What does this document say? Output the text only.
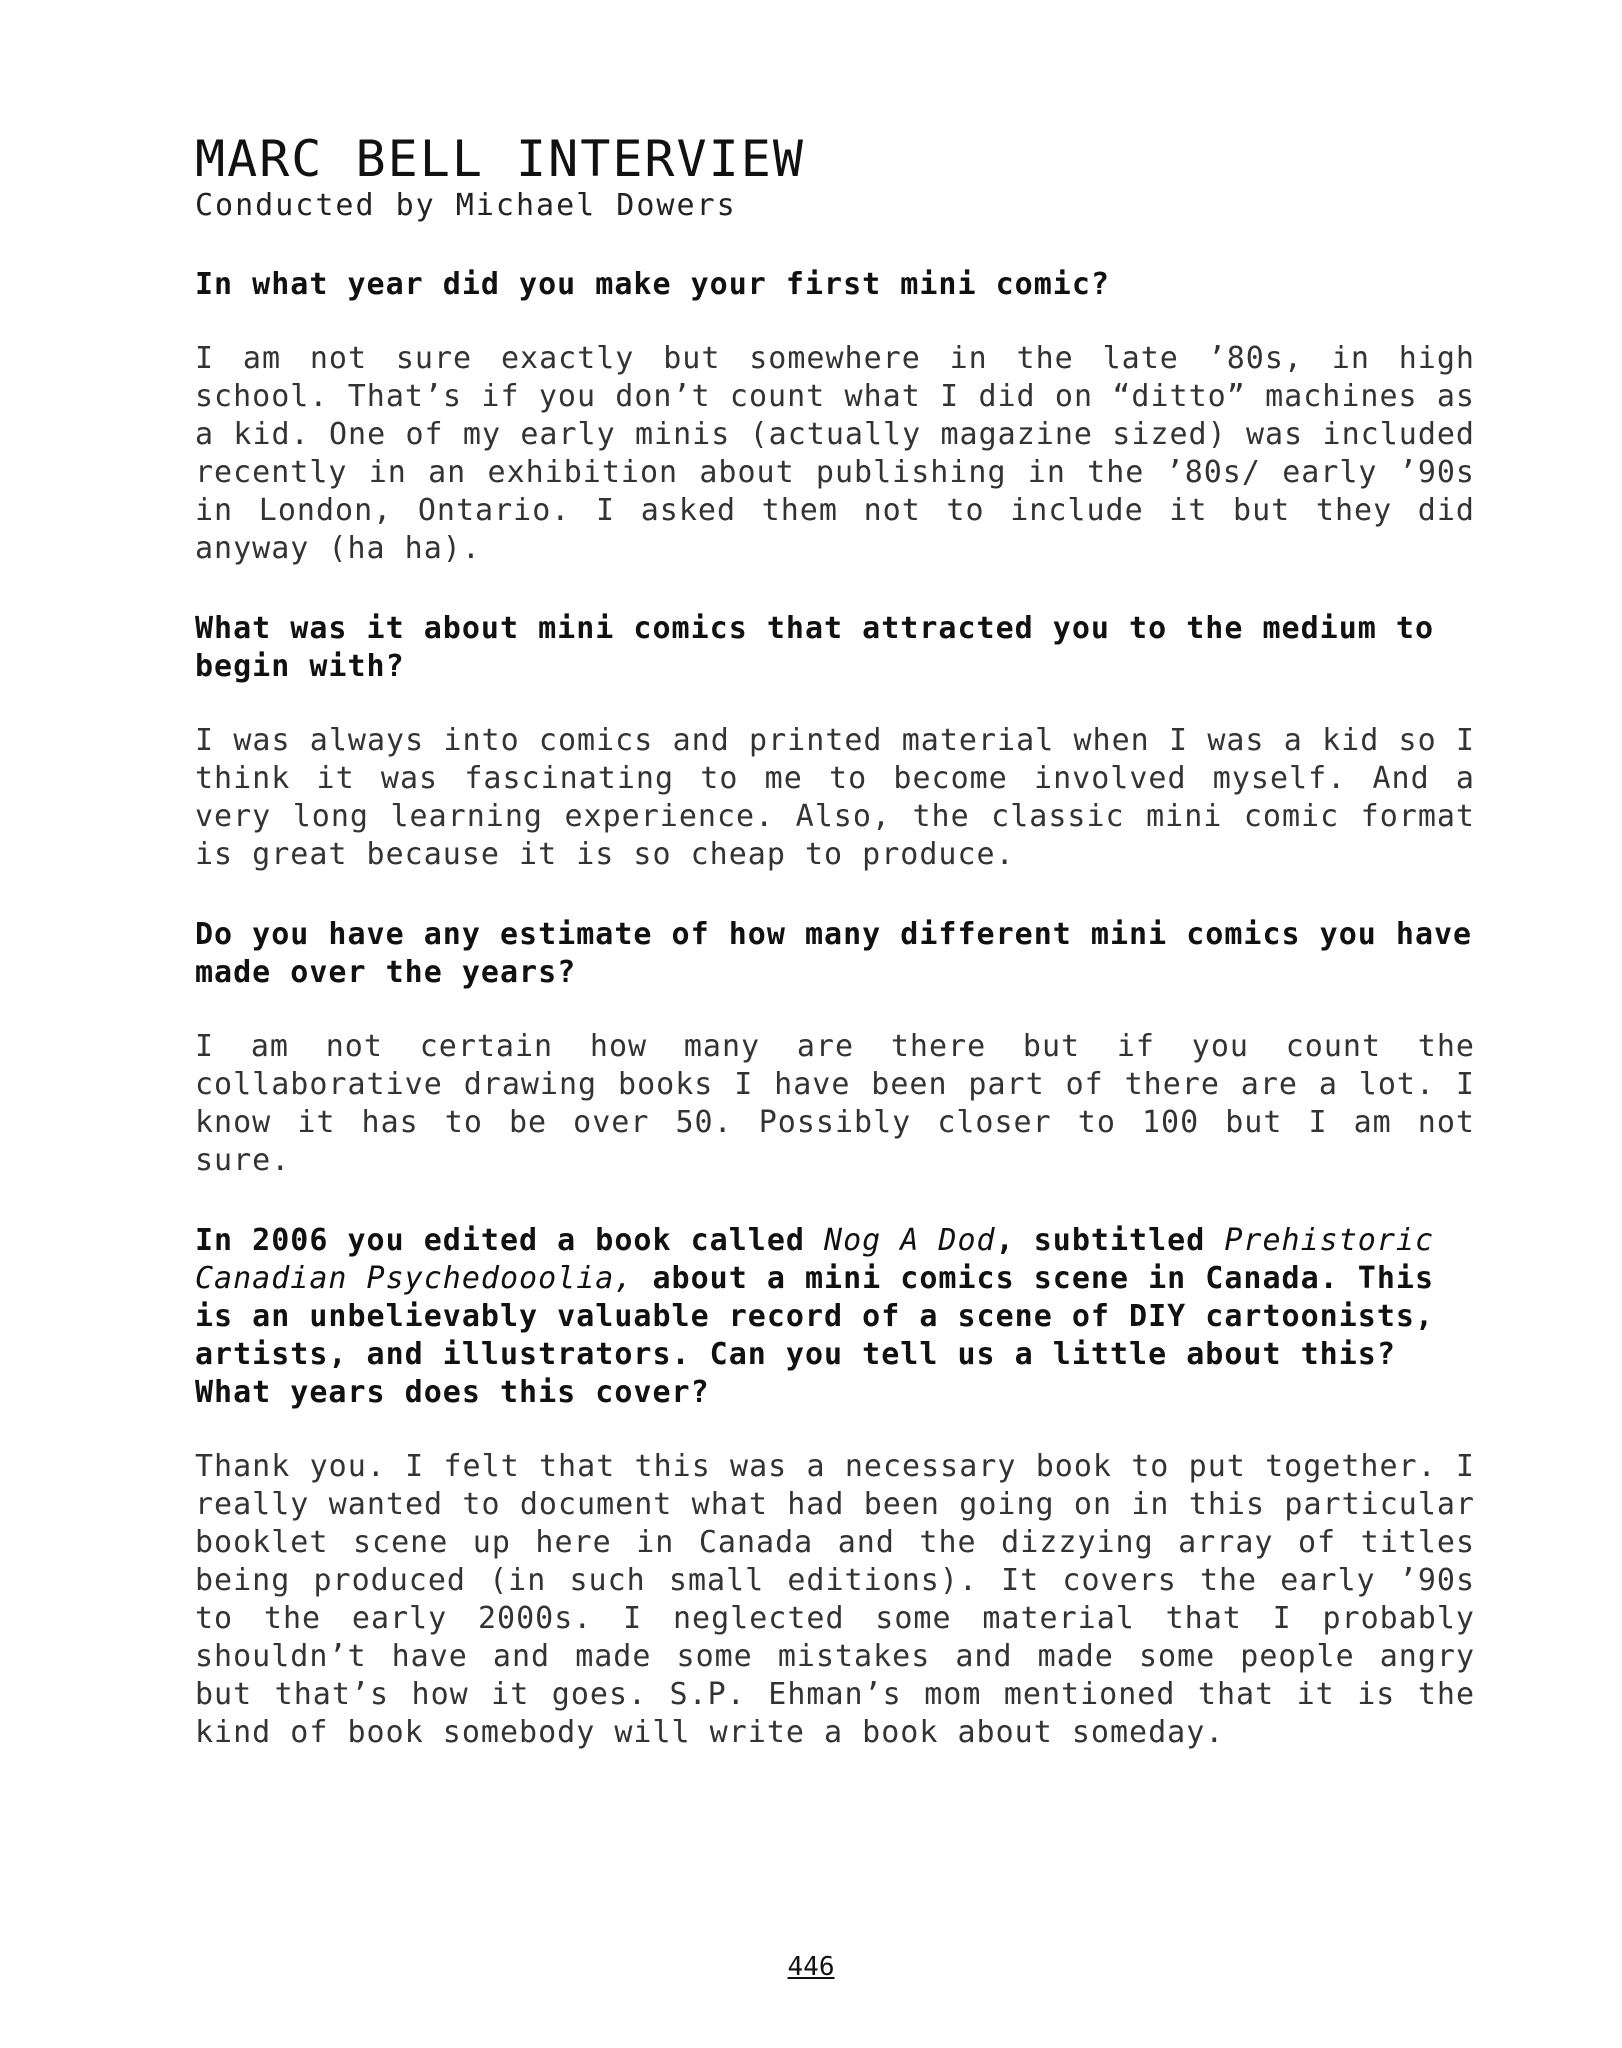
MARC BELL INTERVIEW

Conducted by Michael Dowers

In what year did you make your first mini comic?

I am not sure exactly but somewhere in the late ’80s, in high school. That’s if you don’t count what I did on “ditto” machines as a kid. One of my early minis (actually magazine sized) was included recently in an exhibition about publishing in the ’80s/ early ’90s in London, Ontario. I asked them not to include it but they did anyway (ha ha).

What was it about mini comics that attracted you to the medium to begin with?

I was always into comics and printed material when I was a kid so I think it was fascinating to me to become involved myself. And a very long learning experience. Also, the classic mini comic format is great because it is so cheap to produce.

Do you have any estimate of how many different mini comics you have made over the years?

I am not certain how many are there but if you count the collaborative drawing books I have been part of there are a lot. I know it has to be over 50. Possibly closer to 100 but I am not sure.

In 2006 you edited a book called Nog A Dod, subtitled Prehistoric Canadian Psychedooolia, about a mini comics scene in Canada. This is an unbelievably valuable record of a scene of DIY cartoonists, artists, and illustrators. Can you tell us a little about this? What years does this cover?

Thank you. I felt that this was a necessary book to put together. I really wanted to document what had been going on in this particular booklet scene up here in Canada and the dizzying array of titles being produced (in such small editions). It covers the early ’90s to the early 2000s. I neglected some material that I probably shouldn’t have and made some mistakes and made some people angry but that’s how it goes. S.P. Ehman’s mom mentioned that it is the kind of book somebody will write a book about someday.

446
